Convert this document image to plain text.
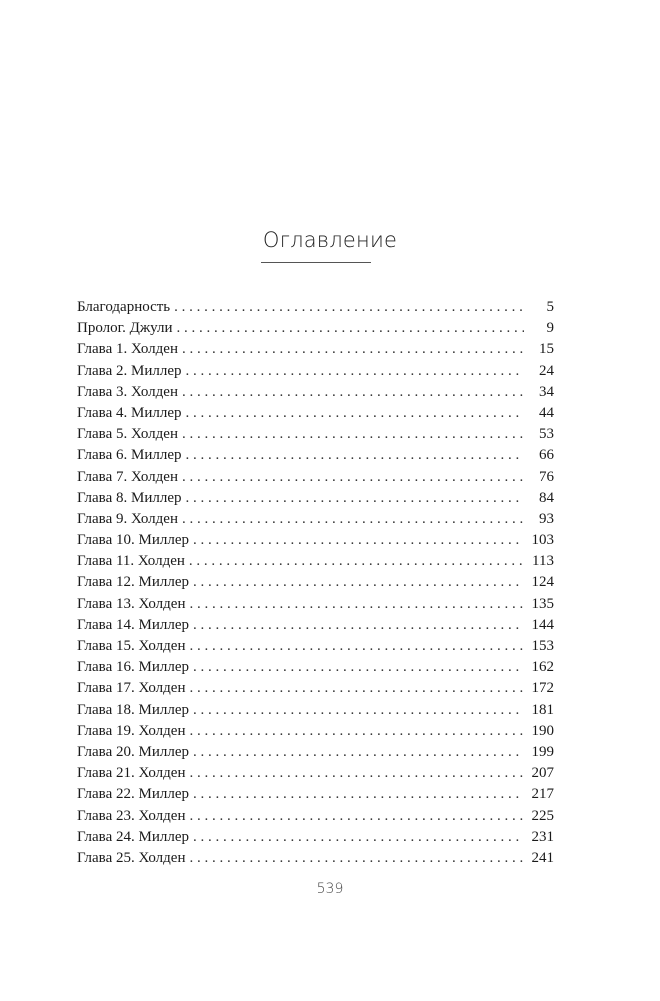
Оглавление
Благодарность . . .	5
Пролог. Джули . . .	9
Глава 1. Холден . . .	15
Глава 2. Миллер . . .	24
Глава 3. Холден . . .	34
Глава 4. Миллер . . .	44
Глава 5. Холден . . .	53
Глава 6. Миллер . . .	66
Глава 7. Холден . . .	76
Глава 8. Миллер . . .	84
Глава 9. Холден . . .	93
Глава 10. Миллер . . .	103
Глава 11. Холден . . .	113
Глава 12. Миллер . . .	124
Глава 13. Холден . . .	135
Глава 14. Миллер . . .	144
Глава 15. Холден . . .	153
Глава 16. Миллер . . .	162
Глава 17. Холден . . .	172
Глава 18. Миллер . . .	181
Глава 19. Холден . . .	190
Глава 20. Миллер . . .	199
Глава 21. Холден . . .	207
Глава 22. Миллер . . .	217
Глава 23. Холден . . .	225
Глава 24. Миллер . . .	231
Глава 25. Холден . . .	241
539
